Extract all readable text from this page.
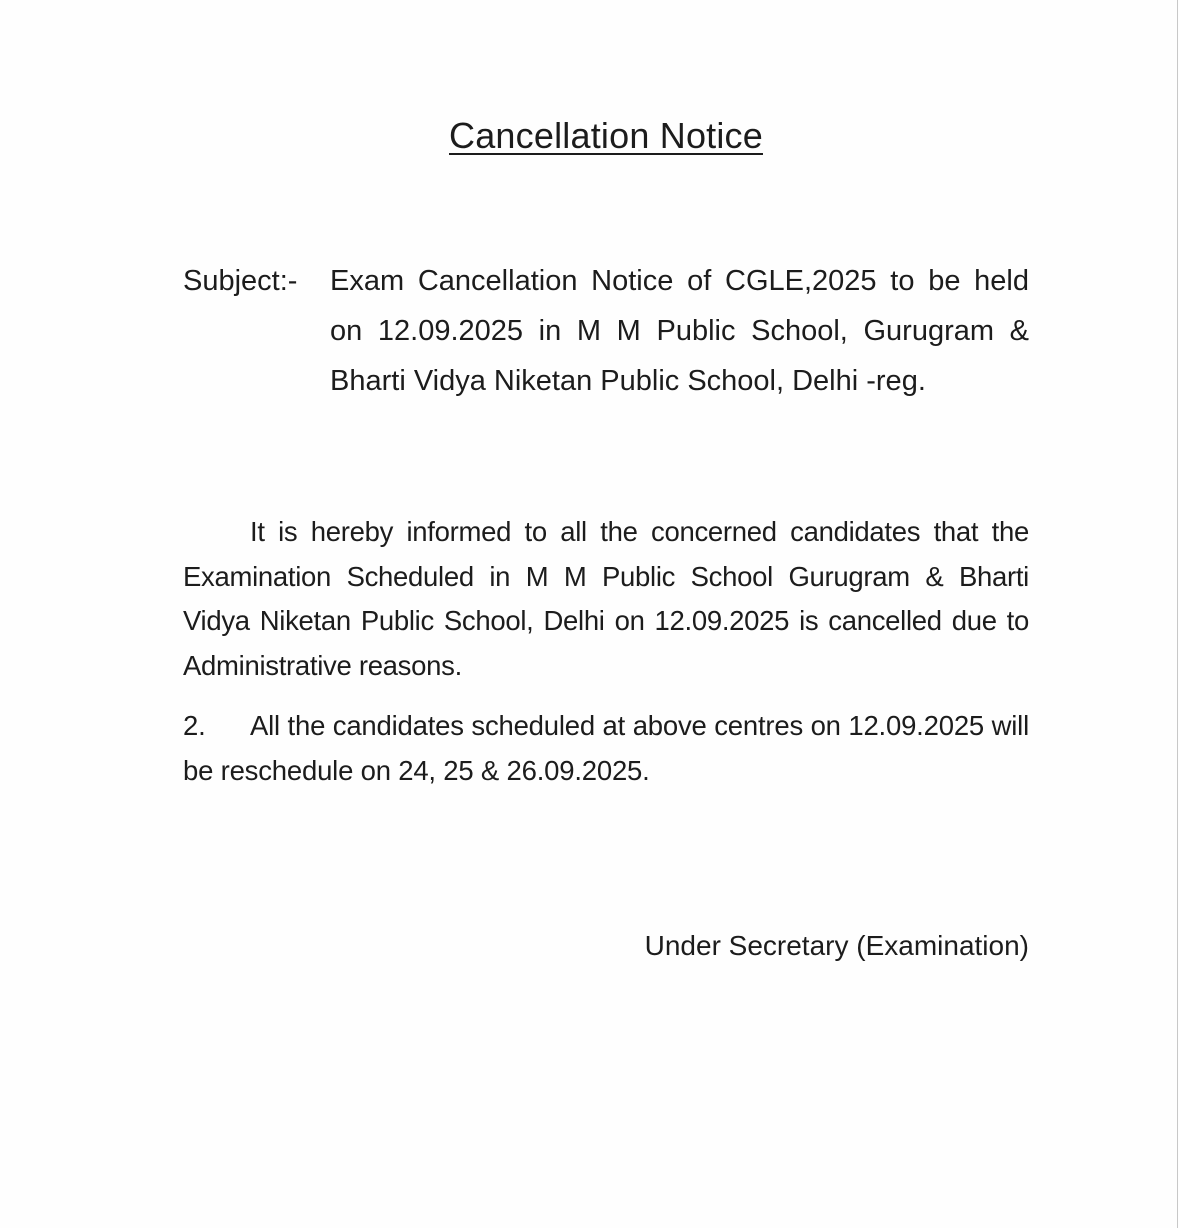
Cancellation Notice
Subject:-	Exam Cancellation Notice of CGLE,2025 to be held on 12.09.2025 in M M Public School, Gurugram & Bharti Vidya Niketan Public School, Delhi -reg.
It is hereby informed to all the concerned candidates that the Examination Scheduled in M M Public School Gurugram & Bharti Vidya Niketan Public School, Delhi on 12.09.2025 is cancelled due to Administrative reasons.
2. All the candidates scheduled at above centres on 12.09.2025 will be reschedule on 24, 25 & 26.09.2025.
Under Secretary (Examination)
